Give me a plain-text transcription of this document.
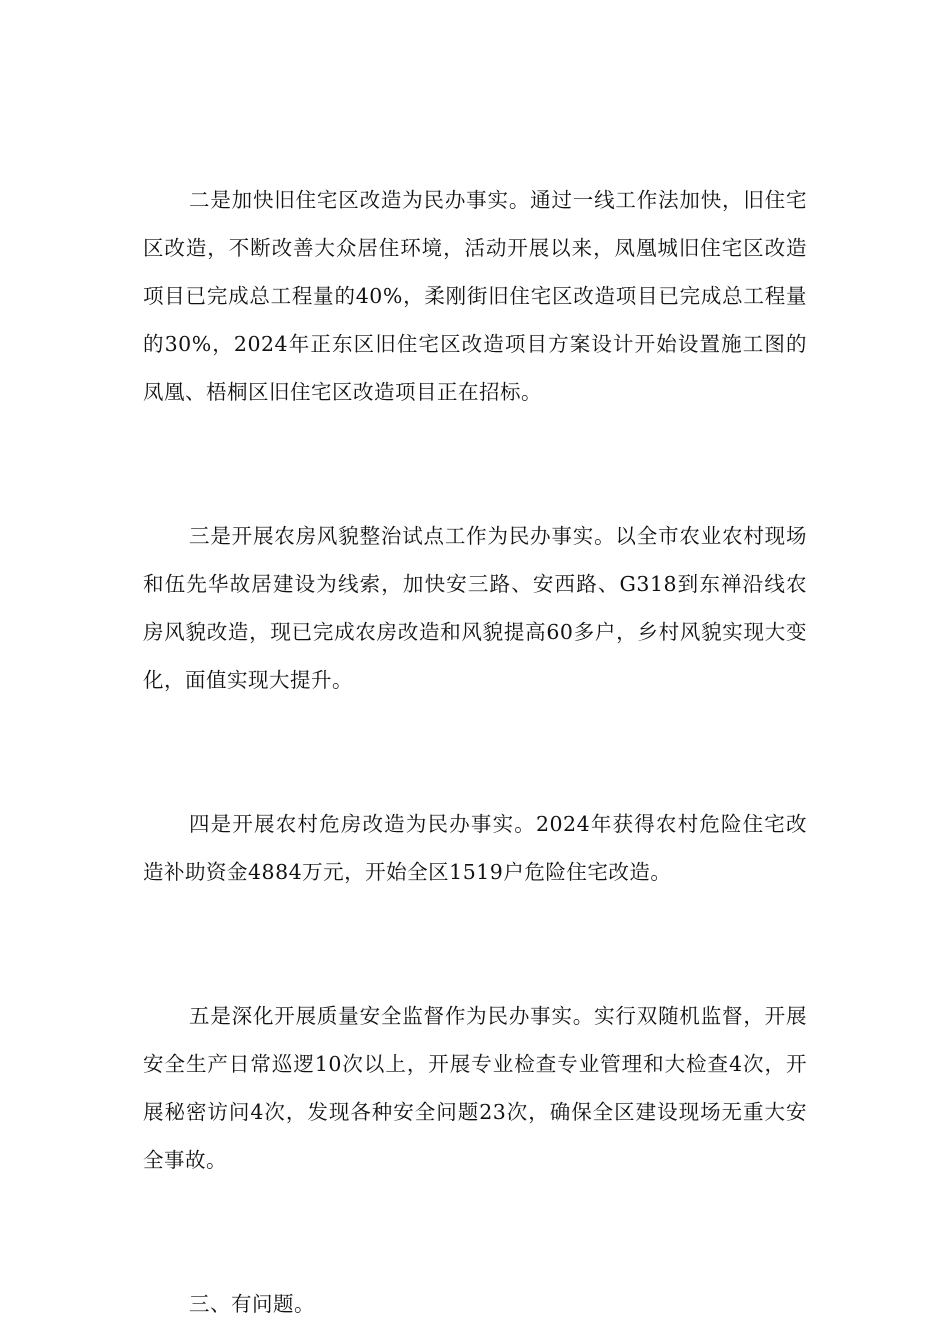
二是加快旧住宅区改造为民办事实。通过一线工作法加快，旧住宅区改造，不断改善大众居住环境，活动开展以来，凤凰城旧住宅区改造项目已完成总工程量的40%，柔刚街旧住宅区改造项目已完成总工程量的30%，2024年正东区旧住宅区改造项目方案设计开始设置施工图的凤凰、梧桐区旧住宅区改造项目正在招标。

三是开展农房风貌整治试点工作为民办事实。以全市农业农村现场和伍先华故居建设为线索，加快安三路、安西路、G318到东禅沿线农房风貌改造，现已完成农房改造和风貌提高60多户，乡村风貌实现大变化，面值实现大提升。

四是开展农村危房改造为民办事实。2024年获得农村危险住宅改造补助资金4884万元，开始全区1519户危险住宅改造。

五是深化开展质量安全监督作为民办事实。实行双随机监督，开展安全生产日常巡逻10次以上，开展专业检查专业管理和大检查4次，开展秘密访问4次，发现各种安全问题23次，确保全区建设现场无重大安全事故。

三、有问题。
